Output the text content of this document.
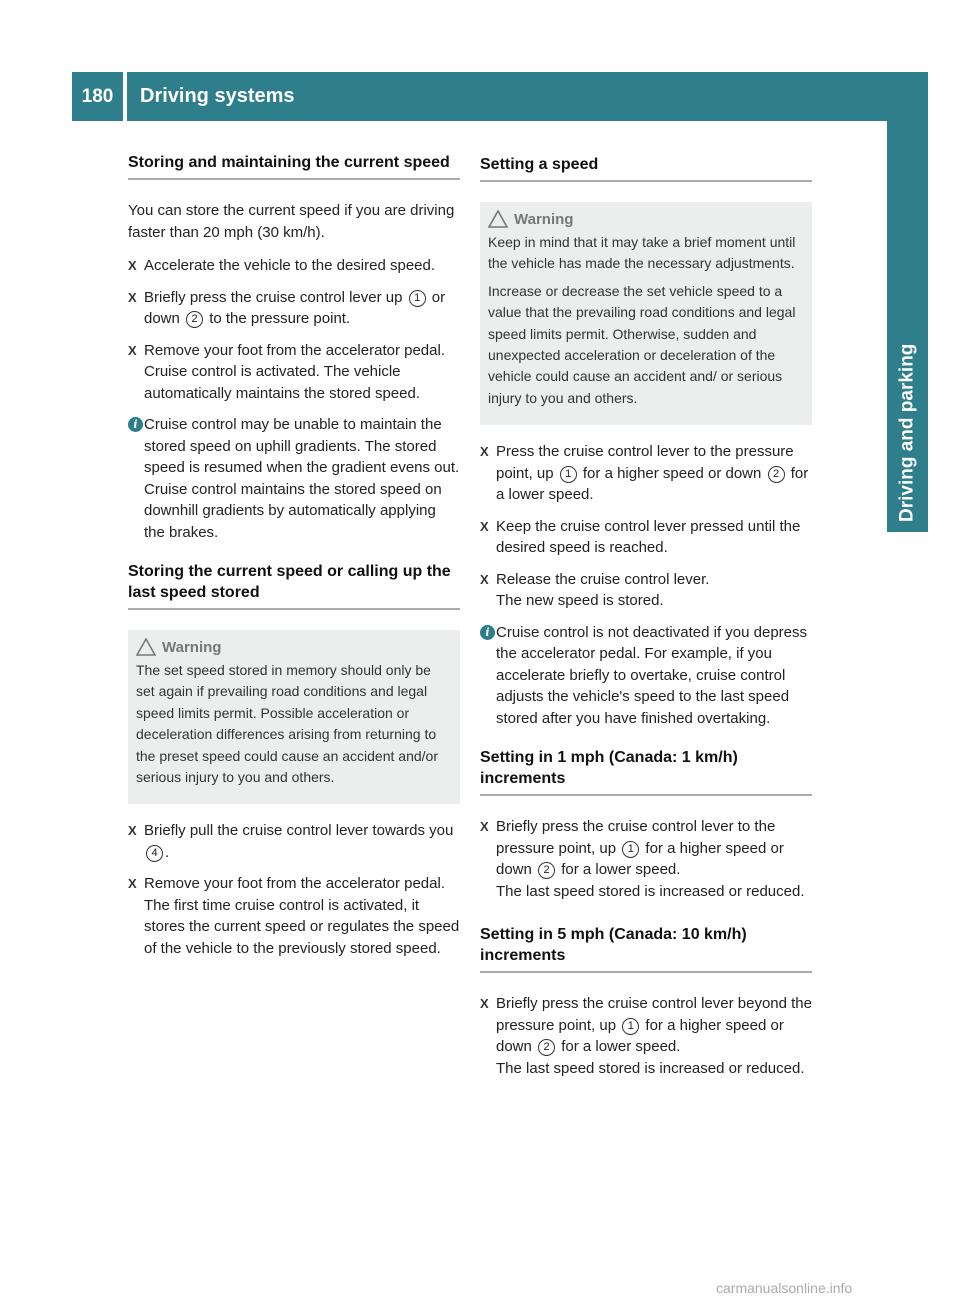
180	Driving systems
Driving and parking
Storing and maintaining the current speed

You can store the current speed if you are driving faster than 20 mph (30 km/h).

X Accelerate the vehicle to the desired speed.
X Briefly press the cruise control lever up 1 or down 2 to the pressure point.
X Remove your foot from the accelerator pedal.
Cruise control is activated. The vehicle automatically maintains the stored speed.
i Cruise control may be unable to maintain the stored speed on uphill gradients. The stored speed is resumed when the gradient evens out. Cruise control maintains the stored speed on downhill gradients by automatically applying the brakes.
Storing the current speed or calling up the last speed stored
Warning

The set speed stored in memory should only be set again if prevailing road conditions and legal speed limits permit. Possible acceleration or deceleration differences arising from returning to the preset speed could cause an accident and/or serious injury to you and others.

X Briefly pull the cruise control lever towards you 4 .
X Remove your foot from the accelerator pedal.
The first time cruise control is activated, it stores the current speed or regulates the speed of the vehicle to the previously stored speed.
Setting a speed
Warning

Keep in mind that it may take a brief moment until the vehicle has made the necessary adjustments.

Increase or decrease the set vehicle speed to a value that the prevailing road conditions and legal speed limits permit. Otherwise, sudden and unexpected acceleration or deceleration of the vehicle could cause an accident and/ or serious injury to you and others.

X Press the cruise control lever to the pressure point, up 1 for a higher speed or down 2 for a lower speed.
X Keep the cruise control lever pressed until the desired speed is reached.
X Release the cruise control lever.
The new speed is stored.
i Cruise control is not deactivated if you depress the accelerator pedal. For example, if you accelerate briefly to overtake, cruise control adjusts the vehicle's speed to the last speed stored after you have finished overtaking.
Setting in 1 mph (Canada: 1 km/h) increments
X Briefly press the cruise control lever to the pressure point, up 1 for a higher speed or down 2 for a lower speed.
The last speed stored is increased or reduced.
Setting in 5 mph (Canada: 10 km/h) increments
X Briefly press the cruise control lever beyond the pressure point, up 1 for a higher speed or down 2 for a lower speed.
The last speed stored is increased or reduced.
carmanualsonline.info
